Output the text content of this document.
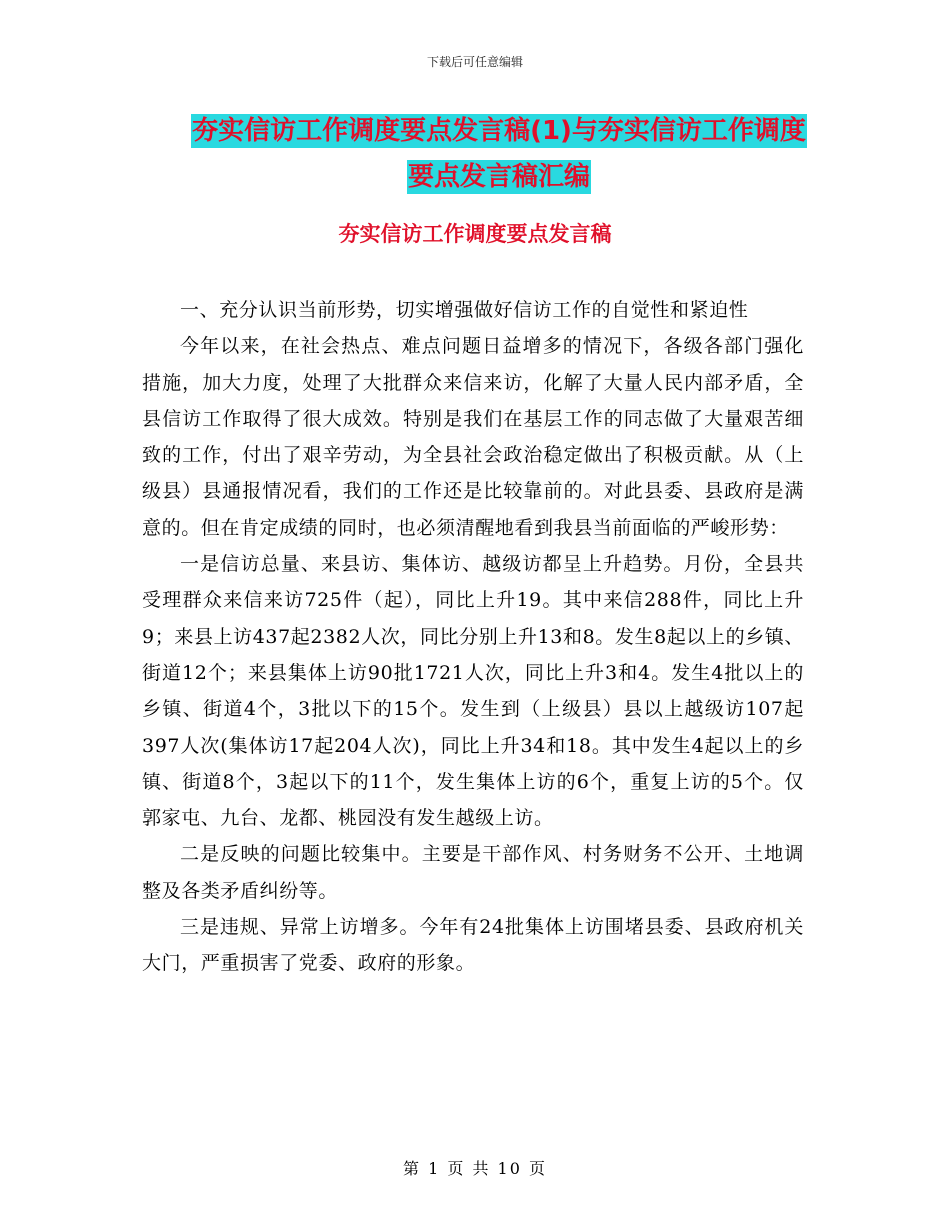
下载后可任意编辑
夯实信访工作调度要点发言稿(1)与夯实信访工作调度
要点发言稿汇编
夯实信访工作调度要点发言稿

一、充分认识当前形势，切实增强做好信访工作的自觉性和紧迫性

今年以来，在社会热点、难点问题日益增多的情况下，各级各部门强化措施，加大力度，处理了大批群众来信来访，化解了大量人民内部矛盾，全县信访工作取得了很大成效。特别是我们在基层工作的同志做了大量艰苦细致的工作，付出了艰辛劳动，为全县社会政治稳定做出了积极贡献。从（上级县）县通报情况看，我们的工作还是比较靠前的。对此县委、县政府是满意的。但在肯定成绩的同时，也必须清醒地看到我县当前面临的严峻形势：

一是信访总量、来县访、集体访、越级访都呈上升趋势。月份，全县共受理群众来信来访725件（起），同比上升19。其中来信288件，同比上升9；来县上访437起2382人次，同比分别上升13和8。发生8起以上的乡镇、街道12个；来县集体上访90批1721人次，同比上升3和4。发生4批以上的乡镇、街道4个，3批以下的15个。发生到（上级县）县以上越级访107起397人次(集体访17起204人次)，同比上升34和18。其中发生4起以上的乡镇、街道8个，3起以下的11个，发生集体上访的6个，重复上访的5个。仅郭家屯、九台、龙都、桃园没有发生越级上访。

二是反映的问题比较集中。主要是干部作风、村务财务不公开、土地调整及各类矛盾纠纷等。

三是违规、异常上访增多。今年有24批集体上访围堵县委、县政府机关大门，严重损害了党委、政府的形象。

第 1 页 共 10 页
